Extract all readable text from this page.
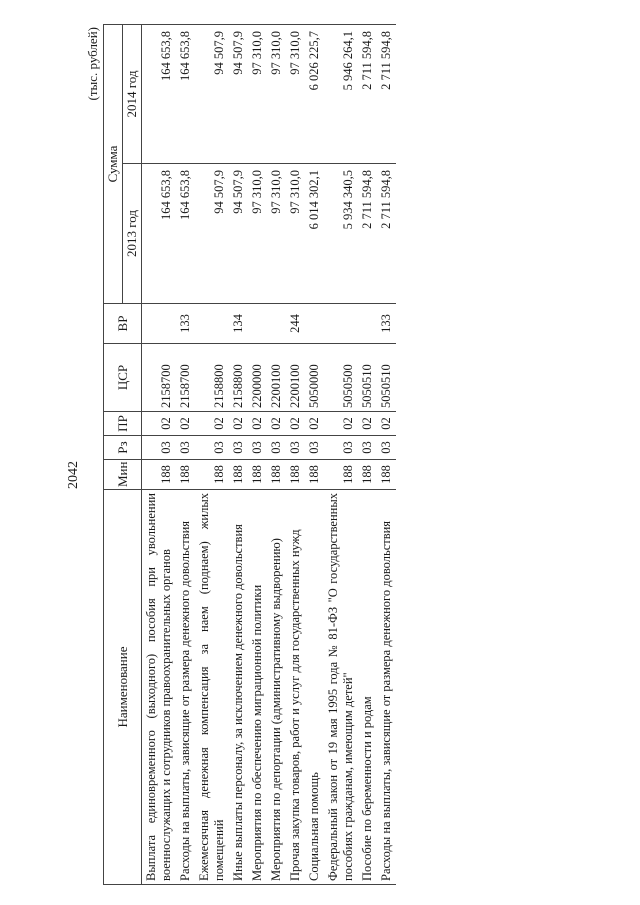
2042
(тыс. рублей)
Наименование	Мин	Рз	ПР	ЦСР	ВР	Сумма	
						2013 год	2014 год
Выплата единовременного (выходного) пособия при увольнении военнослужащих и сотрудников правоохранительных органов	188	03	02	2158700		164 653,8	164 653,8
Расходы на выплаты, зависящие от размера денежного довольствия	188	03	02	2158700	133	164 653,8	164 653,8
Ежемесячная денежная компенсация за наем (поднаем) жилых помещений	188	03	02	2158800		94 507,9	94 507,9
Иные выплаты персоналу, за исключением денежного довольствия	188	03	02	2158800	134	94 507,9	94 507,9
Мероприятия по обеспечению миграционной политики	188	03	02	2200000		97 310,0	97 310,0
Мероприятия по депортации (административному выдворению)	188	03	02	2200100		97 310,0	97 310,0
Прочая закупка товаров, работ и услуг для государственных нужд	188	03	02	2200100	244	97 310,0	97 310,0
Социальная помощь	188	03	02	5050000		6 014 302,1	6 026 225,7
Федеральный закон от 19 мая 1995 года № 81-ФЗ "О государственных пособиях гражданам, имеющим детей"	188	03	02	5050500		5 934 340,5	5 946 264,1
Пособие по беременности и родам	188	03	02	5050510		2 711 594,8	2 711 594,8
Расходы на выплаты, зависящие от размера денежного довольствия	188	03	02	5050510	133	2 711 594,8	2 711 594,8
